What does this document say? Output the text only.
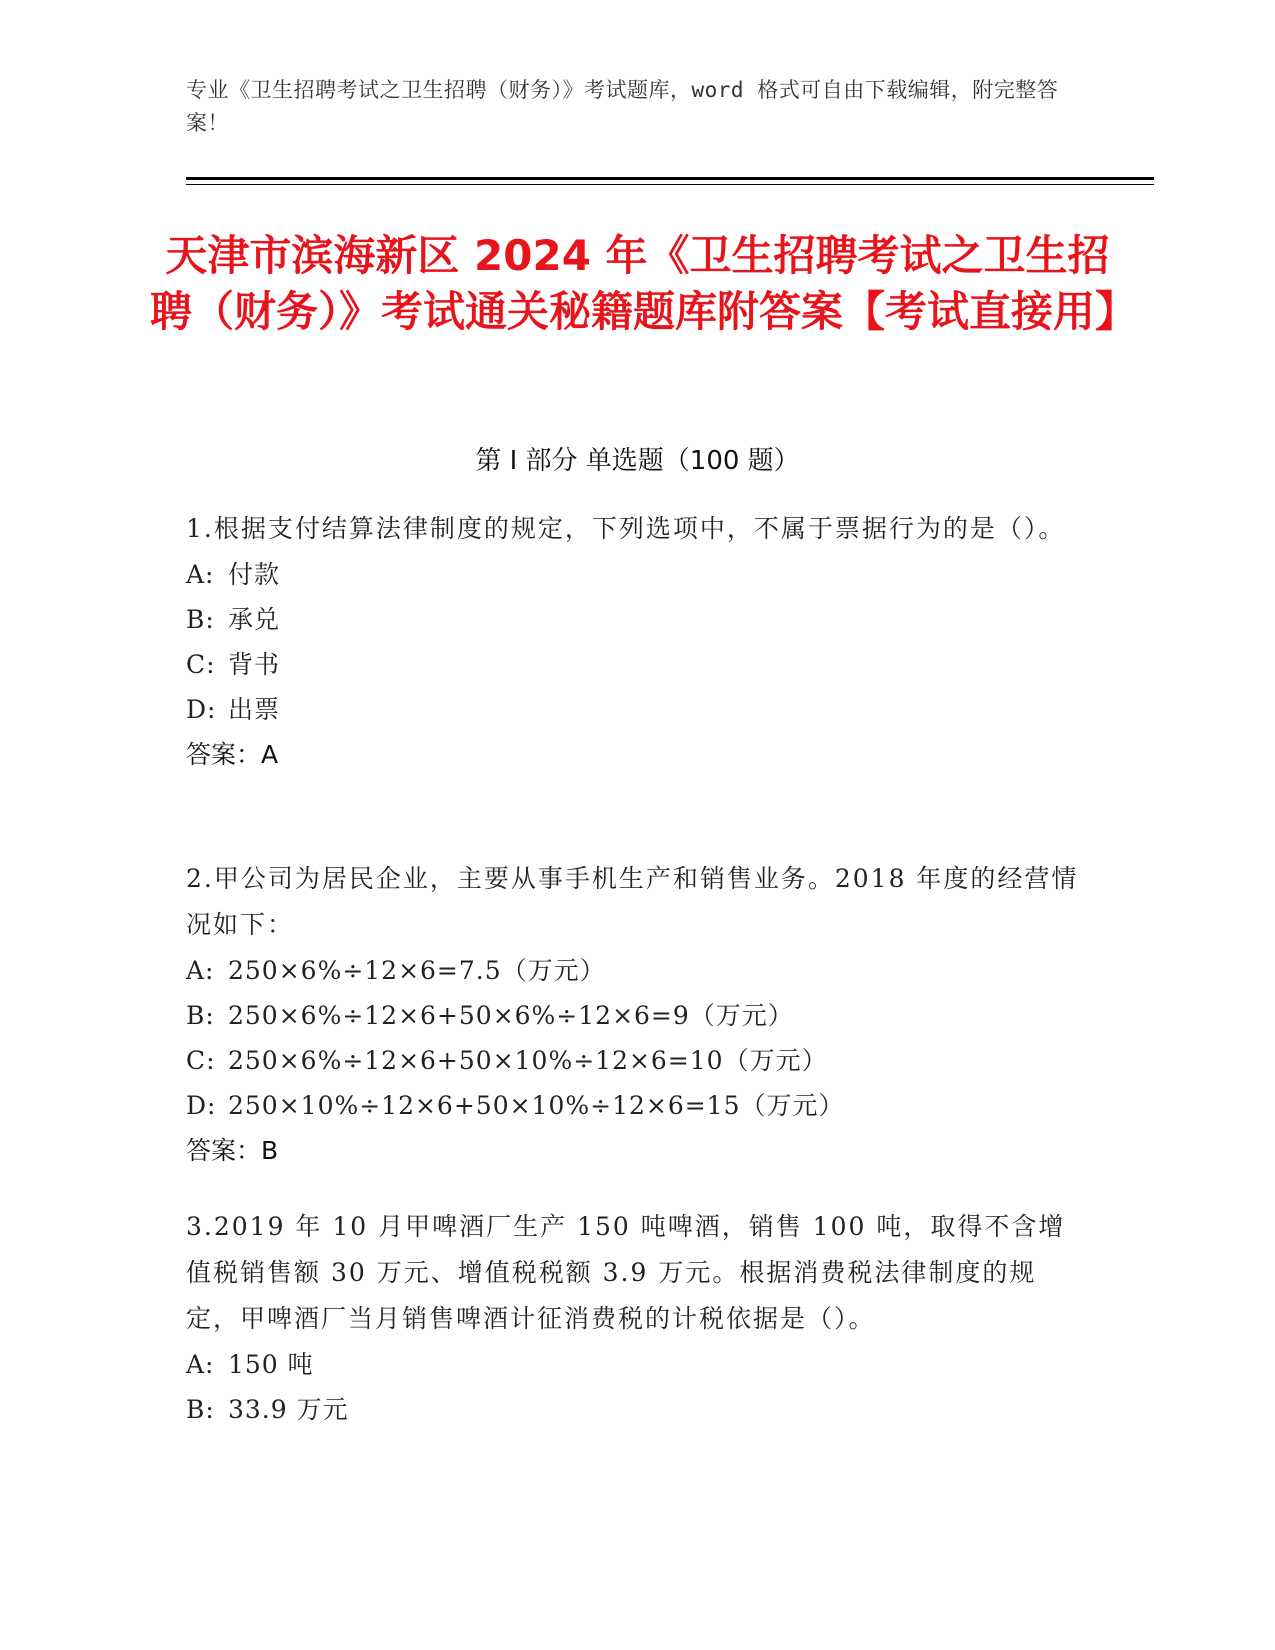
专业《卫生招聘考试之卫生招聘（财务）》考试题库，word 格式可自由下载编辑，附完整答案！
天津市滨海新区 2024 年《卫生招聘考试之卫生招聘（财务）》考试通关秘籍题库附答案【考试直接用】
第 I 部分 单选题（100 题）

1.根据支付结算法律制度的规定，下列选项中，不属于票据行为的是（）。

A: 付款

B: 承兑

C: 背书

D: 出票

答案：A

2.甲公司为居民企业，主要从事手机生产和销售业务。2018 年度的经营情况如下：

A: 250×6%÷12×6=7.5（万元）

B: 250×6%÷12×6+50×6%÷12×6=9（万元）

C: 250×6%÷12×6+50×10%÷12×6=10（万元）

D: 250×10%÷12×6+50×10%÷12×6=15（万元）

答案：B

3.2019 年 10 月甲啤酒厂生产 150 吨啤酒，销售 100 吨，取得不含增值税销售额 30 万元、增值税税额 3.9 万元。根据消费税法律制度的规定，甲啤酒厂当月销售啤酒计征消费税的计税依据是（）。

A: 150 吨

B: 33.9 万元
